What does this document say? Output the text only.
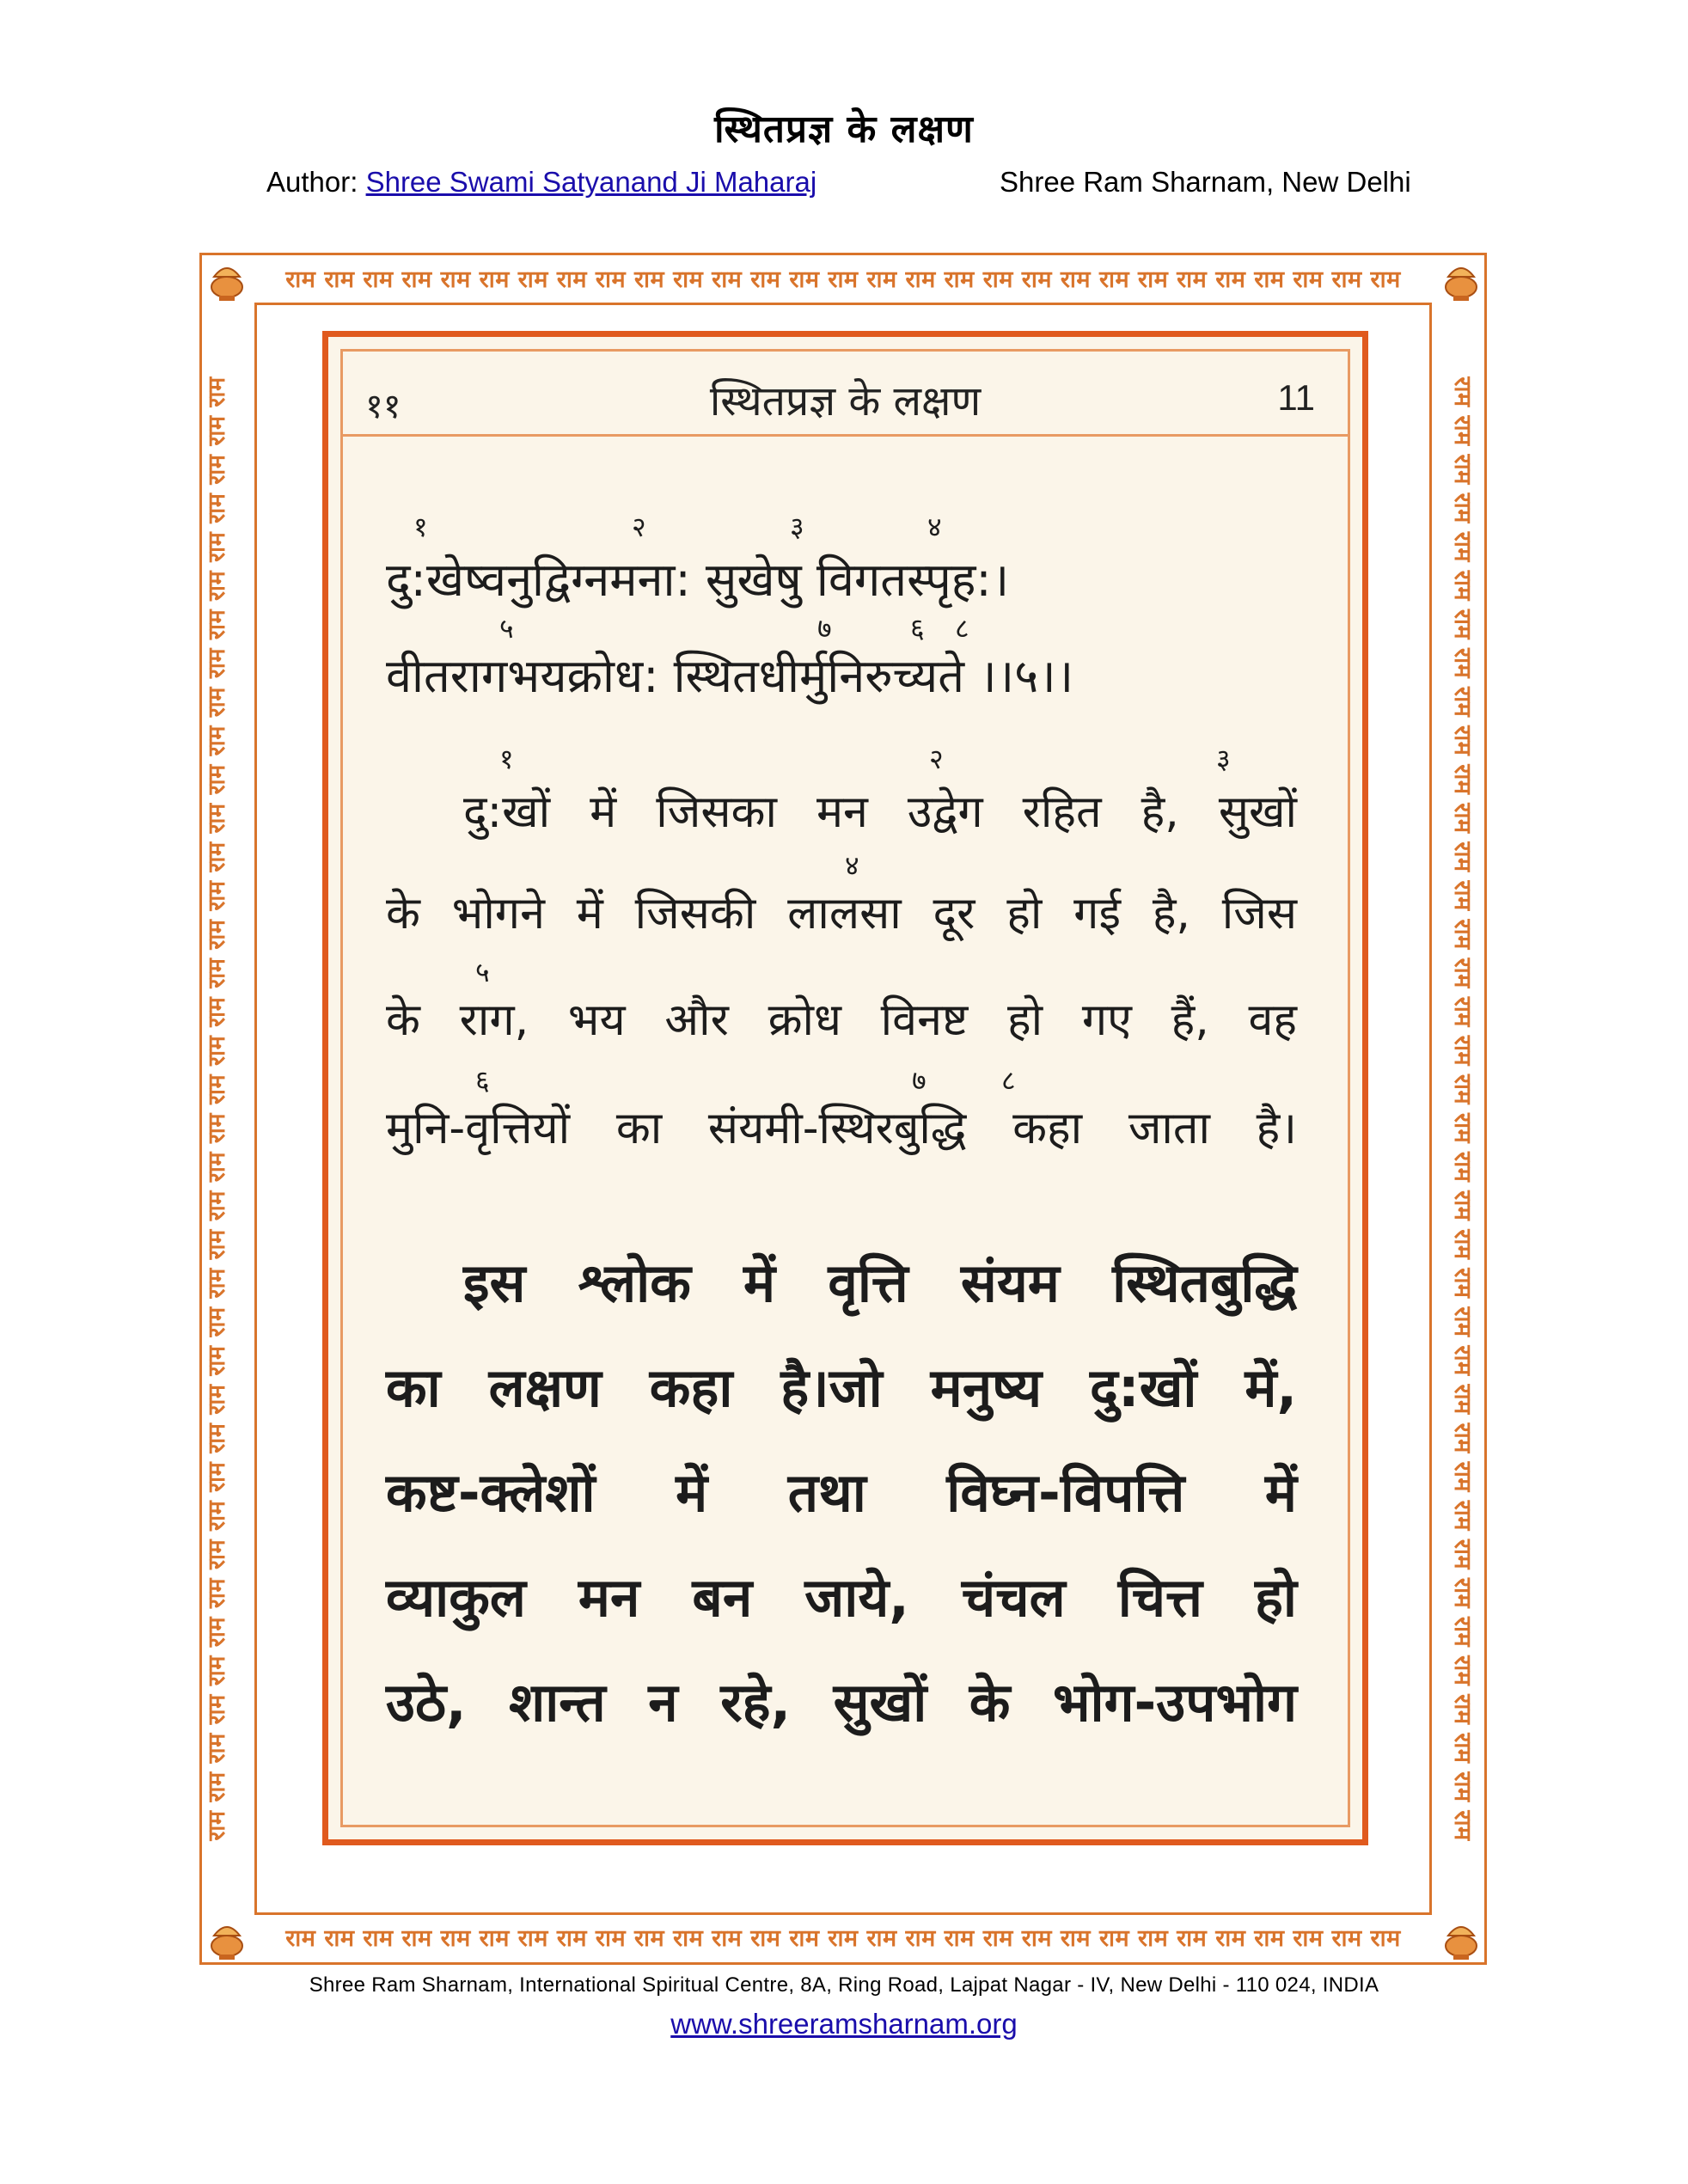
स्थितप्रज्ञ के लक्षण
Author: Shree Swami Satyanand Ji Maharaj	Shree Ram Sharnam, New Delhi
राम राम राम राम राम राम राम राम राम राम राम राम राम राम राम राम राम राम राम राम राम राम राम राम राम राम राम राम राम
राम राम राम राम राम राम राम राम राम राम राम राम राम राम राम राम राम राम राम राम राम राम राम राम राम राम राम राम राम
राम राम राम राम राम राम राम राम राम राम राम राम राम राम राम राम राम राम राम राम राम राम राम राम राम राम राम राम राम राम राम राम राम राम राम राम राम राम	राम राम राम राम राम राम राम राम राम राम राम राम राम राम राम राम राम राम राम राम राम राम राम राम राम राम राम राम राम राम राम राम राम राम राम राम राम राम
११	स्थितप्रज्ञ के लक्षण	11
१	२	३	४
दु:खेष्वनुद्विग्नमना: सुखेषु विगतस्पृह:।
५	७	६ ८
वीतरागभयक्रोध: स्थितधीर्मुनिरुच्यते ।।५।।
१	२	३
दु:खों में जिसका मन उद्वेग रहित है, सुखों
४
के भोगने में जिसकी लालसा दूर हो गई है, जिस
५
के राग, भय और क्रोध विनष्ट हो गए हैं, वह
६	७	८
मुनि-वृत्तियों का संयमी-स्थिरबुद्धि कहा जाता है।
इस श्लोक में वृत्ति संयम स्थितबुद्धि
का लक्षण कहा है।जो मनुष्य दु:खों में,
कष्ट-क्लेशों में तथा विघ्न-विपत्ति में
व्याकुल मन बन जाये, चंचल चित्त हो
उठे, शान्त न रहे, सुखों के भोग-उपभोग
Shree Ram Sharnam, International Spiritual Centre, 8A, Ring Road, Lajpat Nagar - IV, New Delhi - 110 024, INDIA
www.shreeramsharnam.org
